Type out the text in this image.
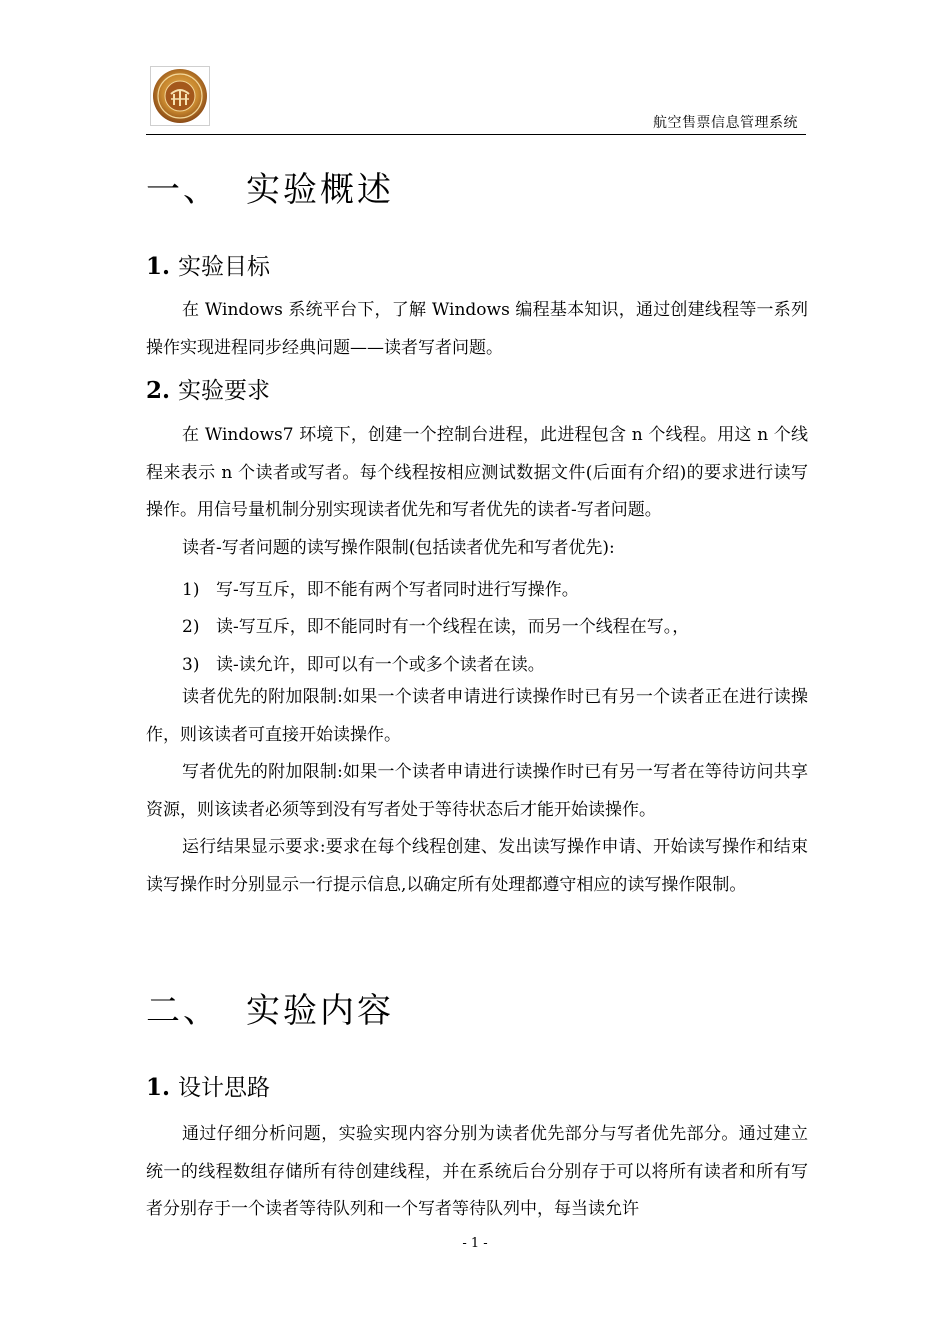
航空售票信息管理系统
一、 实验概述
1. 实验目标
在 Windows 系统平台下，了解 Windows 编程基本知识，通过创建线程等一系列操作实现进程同步经典问题——读者写者问题。
2. 实验要求
在 Windows7 环境下，创建一个控制台进程，此进程包含 n 个线程。用这 n 个线程来表示 n 个读者或写者。每个线程按相应测试数据文件(后面有介绍)的要求进行读写操作。用信号量机制分别实现读者优先和写者优先的读者-写者问题。
读者-写者问题的读写操作限制(包括读者优先和写者优先):
1) 写-写互斥，即不能有两个写者同时进行写操作。
2) 读-写互斥，即不能同时有一个线程在读，而另一个线程在写。，
3) 读-读允许，即可以有一个或多个读者在读。
读者优先的附加限制:如果一个读者申请进行读操作时已有另一个读者正在进行读操作，则该读者可直接开始读操作。
写者优先的附加限制:如果一个读者申请进行读操作时已有另一写者在等待访问共享资源，则该读者必须等到没有写者处于等待状态后才能开始读操作。
运行结果显示要求:要求在每个线程创建、发出读写操作申请、开始读写操作和结束读写操作时分别显示一行提示信息,以确定所有处理都遵守相应的读写操作限制。
二、 实验内容
1. 设计思路
通过仔细分析问题，实验实现内容分别为读者优先部分与写者优先部分。通过建立统一的线程数组存储所有待创建线程，并在系统后台分别存于可以将所有读者和所有写者分别存于一个读者等待队列和一个写者等待队列中，每当读允许
- 1 -
